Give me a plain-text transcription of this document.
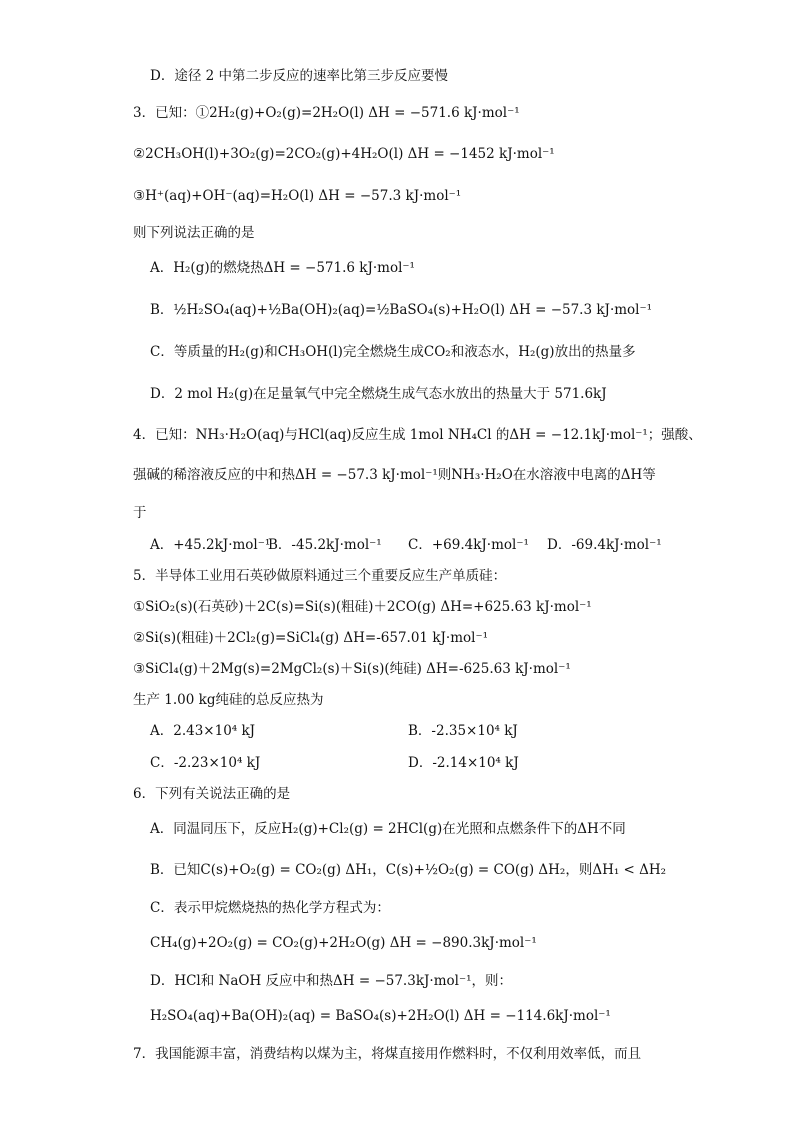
D．途径 2 中第二步反应的速率比第三步反应要慢
3．已知：①2H₂(g)+O₂(g)=2H₂O(l) ΔH = −571.6 kJ·mol⁻¹
②2CH₃OH(l)+3O₂(g)=2CO₂(g)+4H₂O(l) ΔH = −1452 kJ·mol⁻¹
③H⁺(aq)+OH⁻(aq)=H₂O(l) ΔH = −57.3 kJ·mol⁻¹
则下列说法正确的是
A．H₂(g)的燃烧热ΔH = −571.6 kJ·mol⁻¹
B．½H₂SO₄(aq)+½Ba(OH)₂(aq)=½BaSO₄(s)+H₂O(l) ΔH = −57.3 kJ·mol⁻¹
C．等质量的H₂(g)和CH₃OH(l)完全燃烧生成CO₂和液态水，H₂(g)放出的热量多
D．2 mol H₂(g)在足量氧气中完全燃烧生成气态水放出的热量大于 571.6kJ
4．已知：NH₃·H₂O(aq)与HCl(aq)反应生成 1mol NH₄Cl 的ΔH = −12.1kJ·mol⁻¹；强酸、
强碱的稀溶液反应的中和热ΔH = −57.3 kJ·mol⁻¹则NH₃·H₂O在水溶液中电离的ΔH等
于
A．+45.2kJ·mol⁻¹
B．-45.2kJ·mol⁻¹ C．+69.4kJ·mol⁻¹ D．-69.4kJ·mol⁻¹
5．半导体工业用石英砂做原料通过三个重要反应生产单质硅：
①SiO₂(s)(石英砂)＋2C(s)=Si(s)(粗硅)＋2CO(g) ΔH=+625.63 kJ·mol⁻¹
②Si(s)(粗硅)＋2Cl₂(g)=SiCl₄(g) ΔH=-657.01 kJ·mol⁻¹
③SiCl₄(g)＋2Mg(s)=2MgCl₂(s)＋Si(s)(纯硅) ΔH=-625.63 kJ·mol⁻¹
生产 1.00 kg纯硅的总反应热为
A．2.43×10⁴ kJ	B．-2.35×10⁴ kJ
C．-2.23×10⁴ kJ	D．-2.14×10⁴ kJ
6．下列有关说法正确的是
A．同温同压下，反应H₂(g)+Cl₂(g) = 2HCl(g)在光照和点燃条件下的ΔH不同
B．已知C(s)+O₂(g) = CO₂(g) ΔH₁，C(s)+½O₂(g) = CO(g) ΔH₂，则ΔH₁ < ΔH₂
C．表示甲烷燃烧热的热化学方程式为：
CH₄(g)+2O₂(g) = CO₂(g)+2H₂O(g) ΔH = −890.3kJ·mol⁻¹
D．HCl和 NaOH 反应中和热ΔH = −57.3kJ·mol⁻¹，则：
H₂SO₄(aq)+Ba(OH)₂(aq) = BaSO₄(s)+2H₂O(l) ΔH = −114.6kJ·mol⁻¹
7．我国能源丰富，消费结构以煤为主，将煤直接用作燃料时，不仅利用效率低，而且
